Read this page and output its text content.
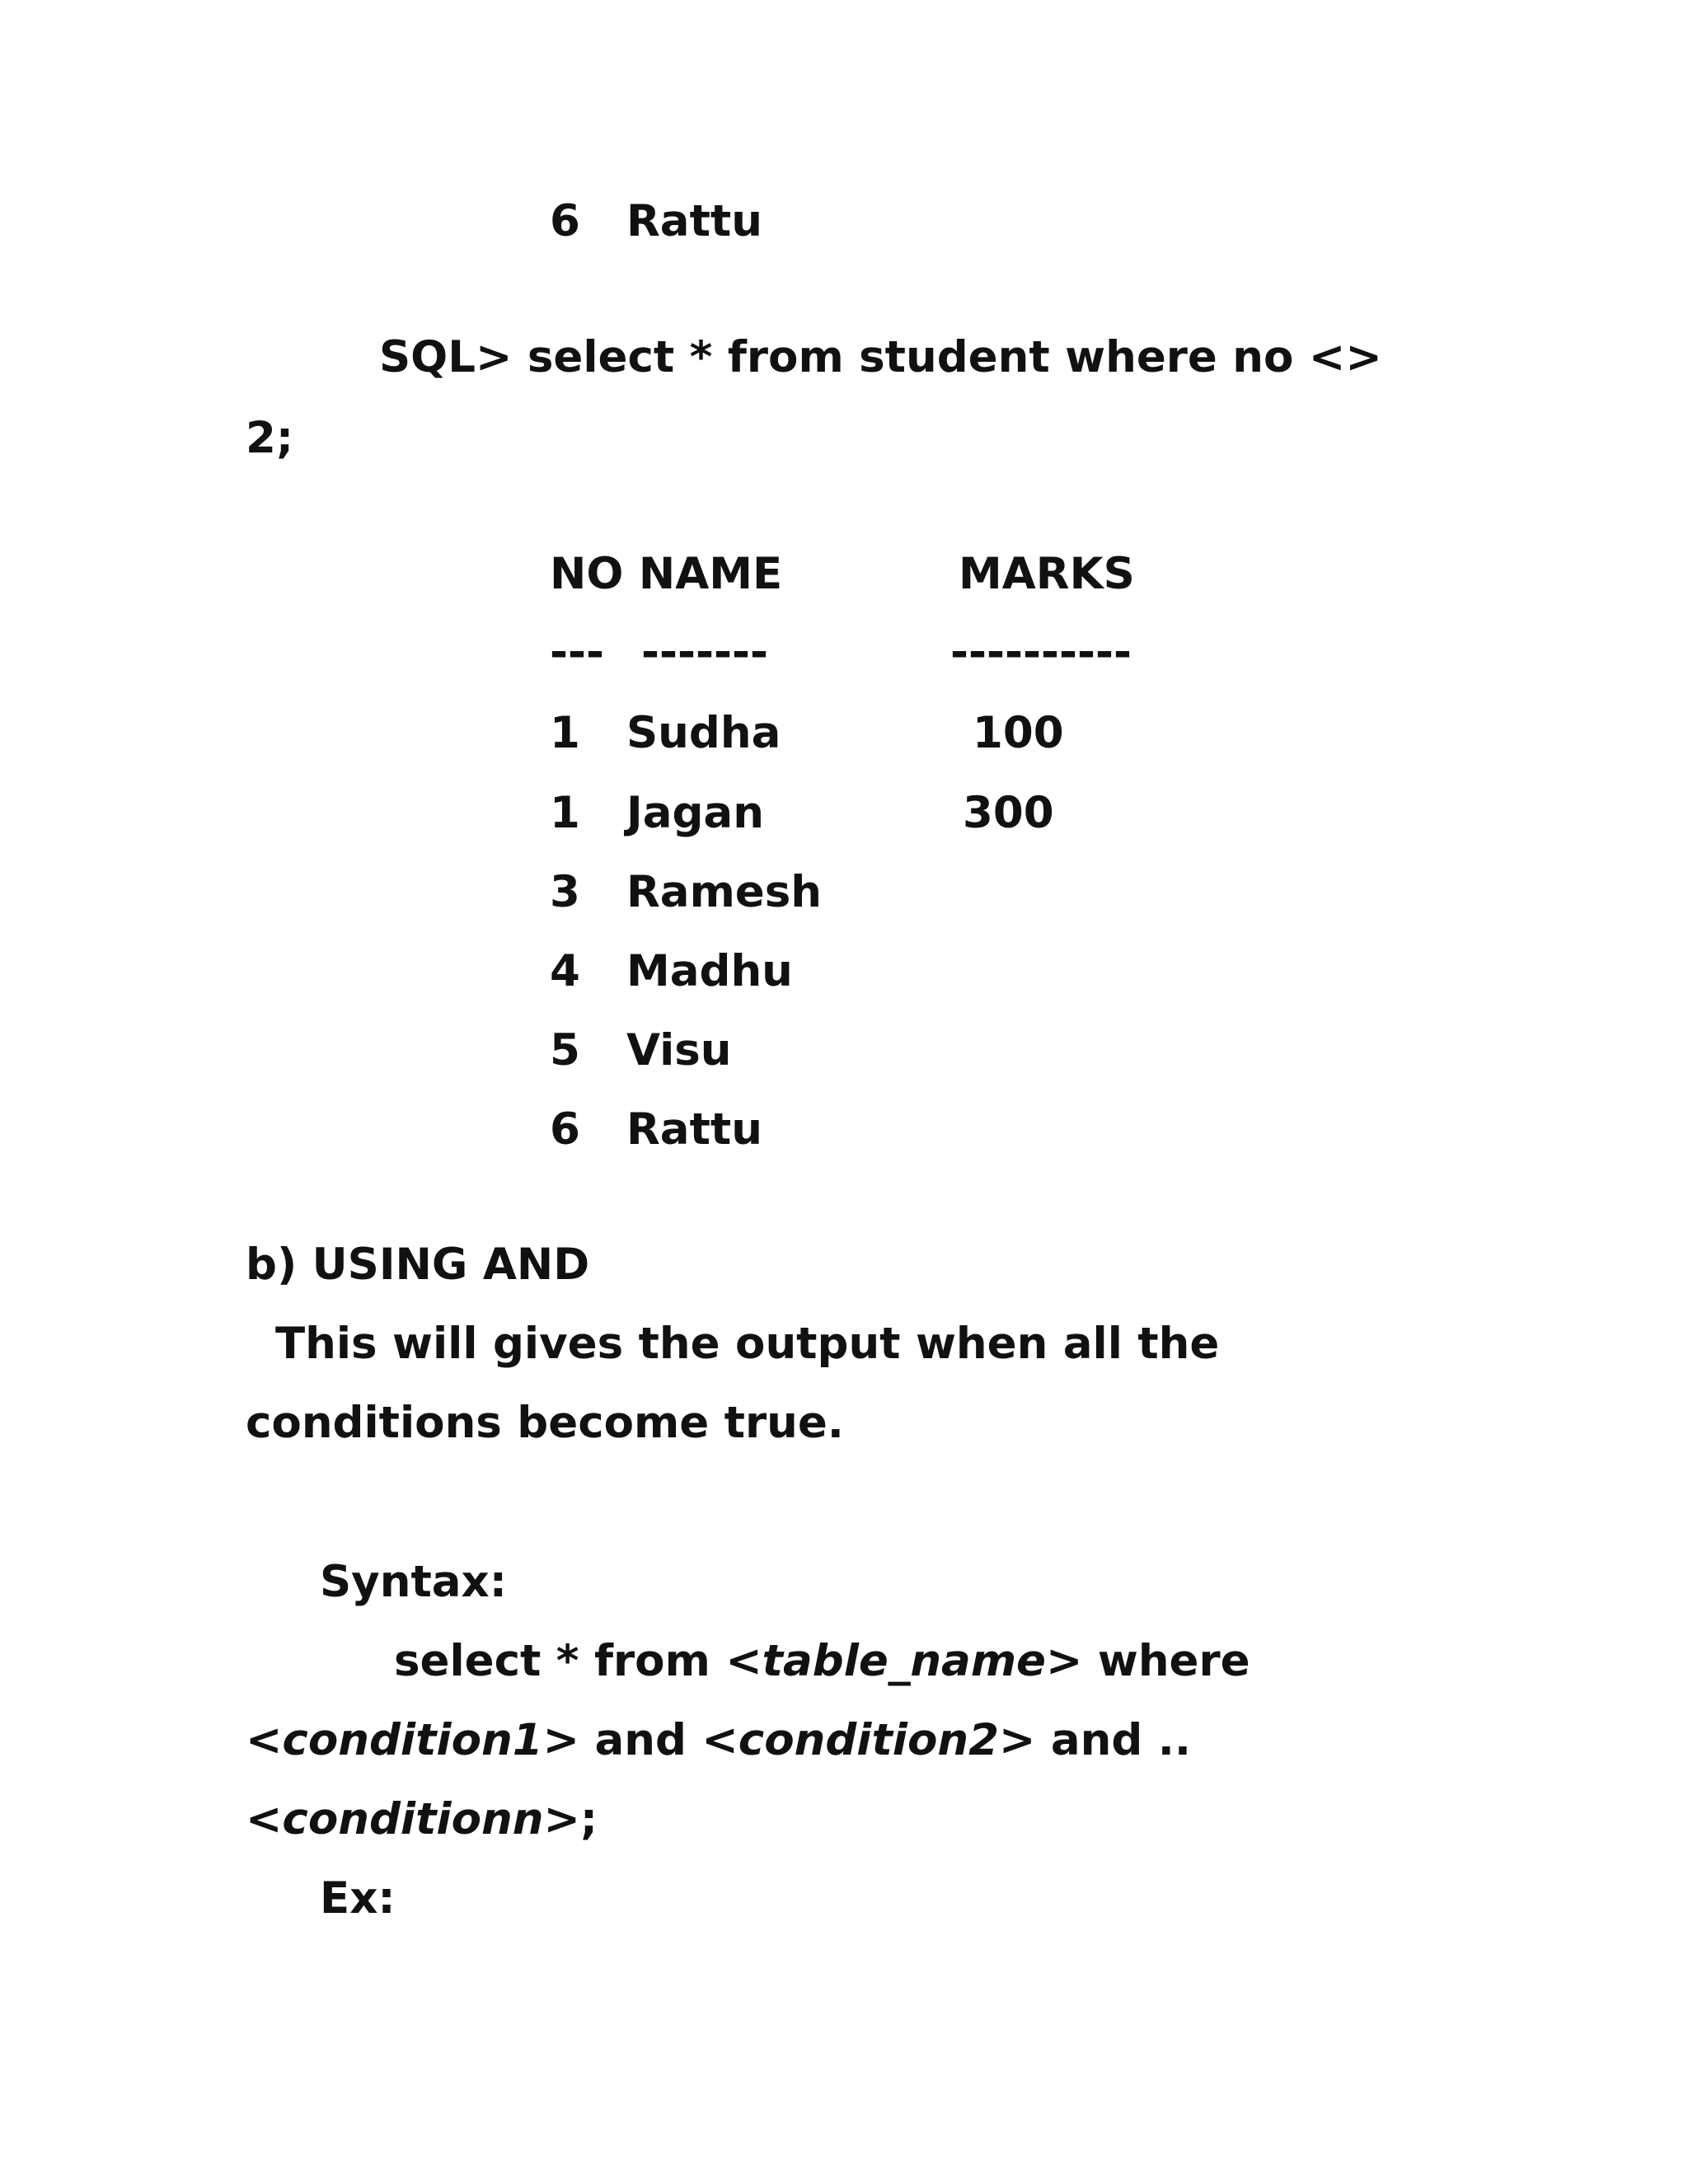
6 Rattu
SQL> select * from student where no <>
2;
NO NAME	MARKS
--- -------	----------
1 Sudha	100
1 Jagan	300
3 Ramesh
4 Madhu
5 Visu
6 Rattu
b) USING AND
This will gives the output when all the
conditions become true.
Syntax:
select * from <table_name> where
<condition1> and <condition2> and ..
<conditionn>;
Ex:
